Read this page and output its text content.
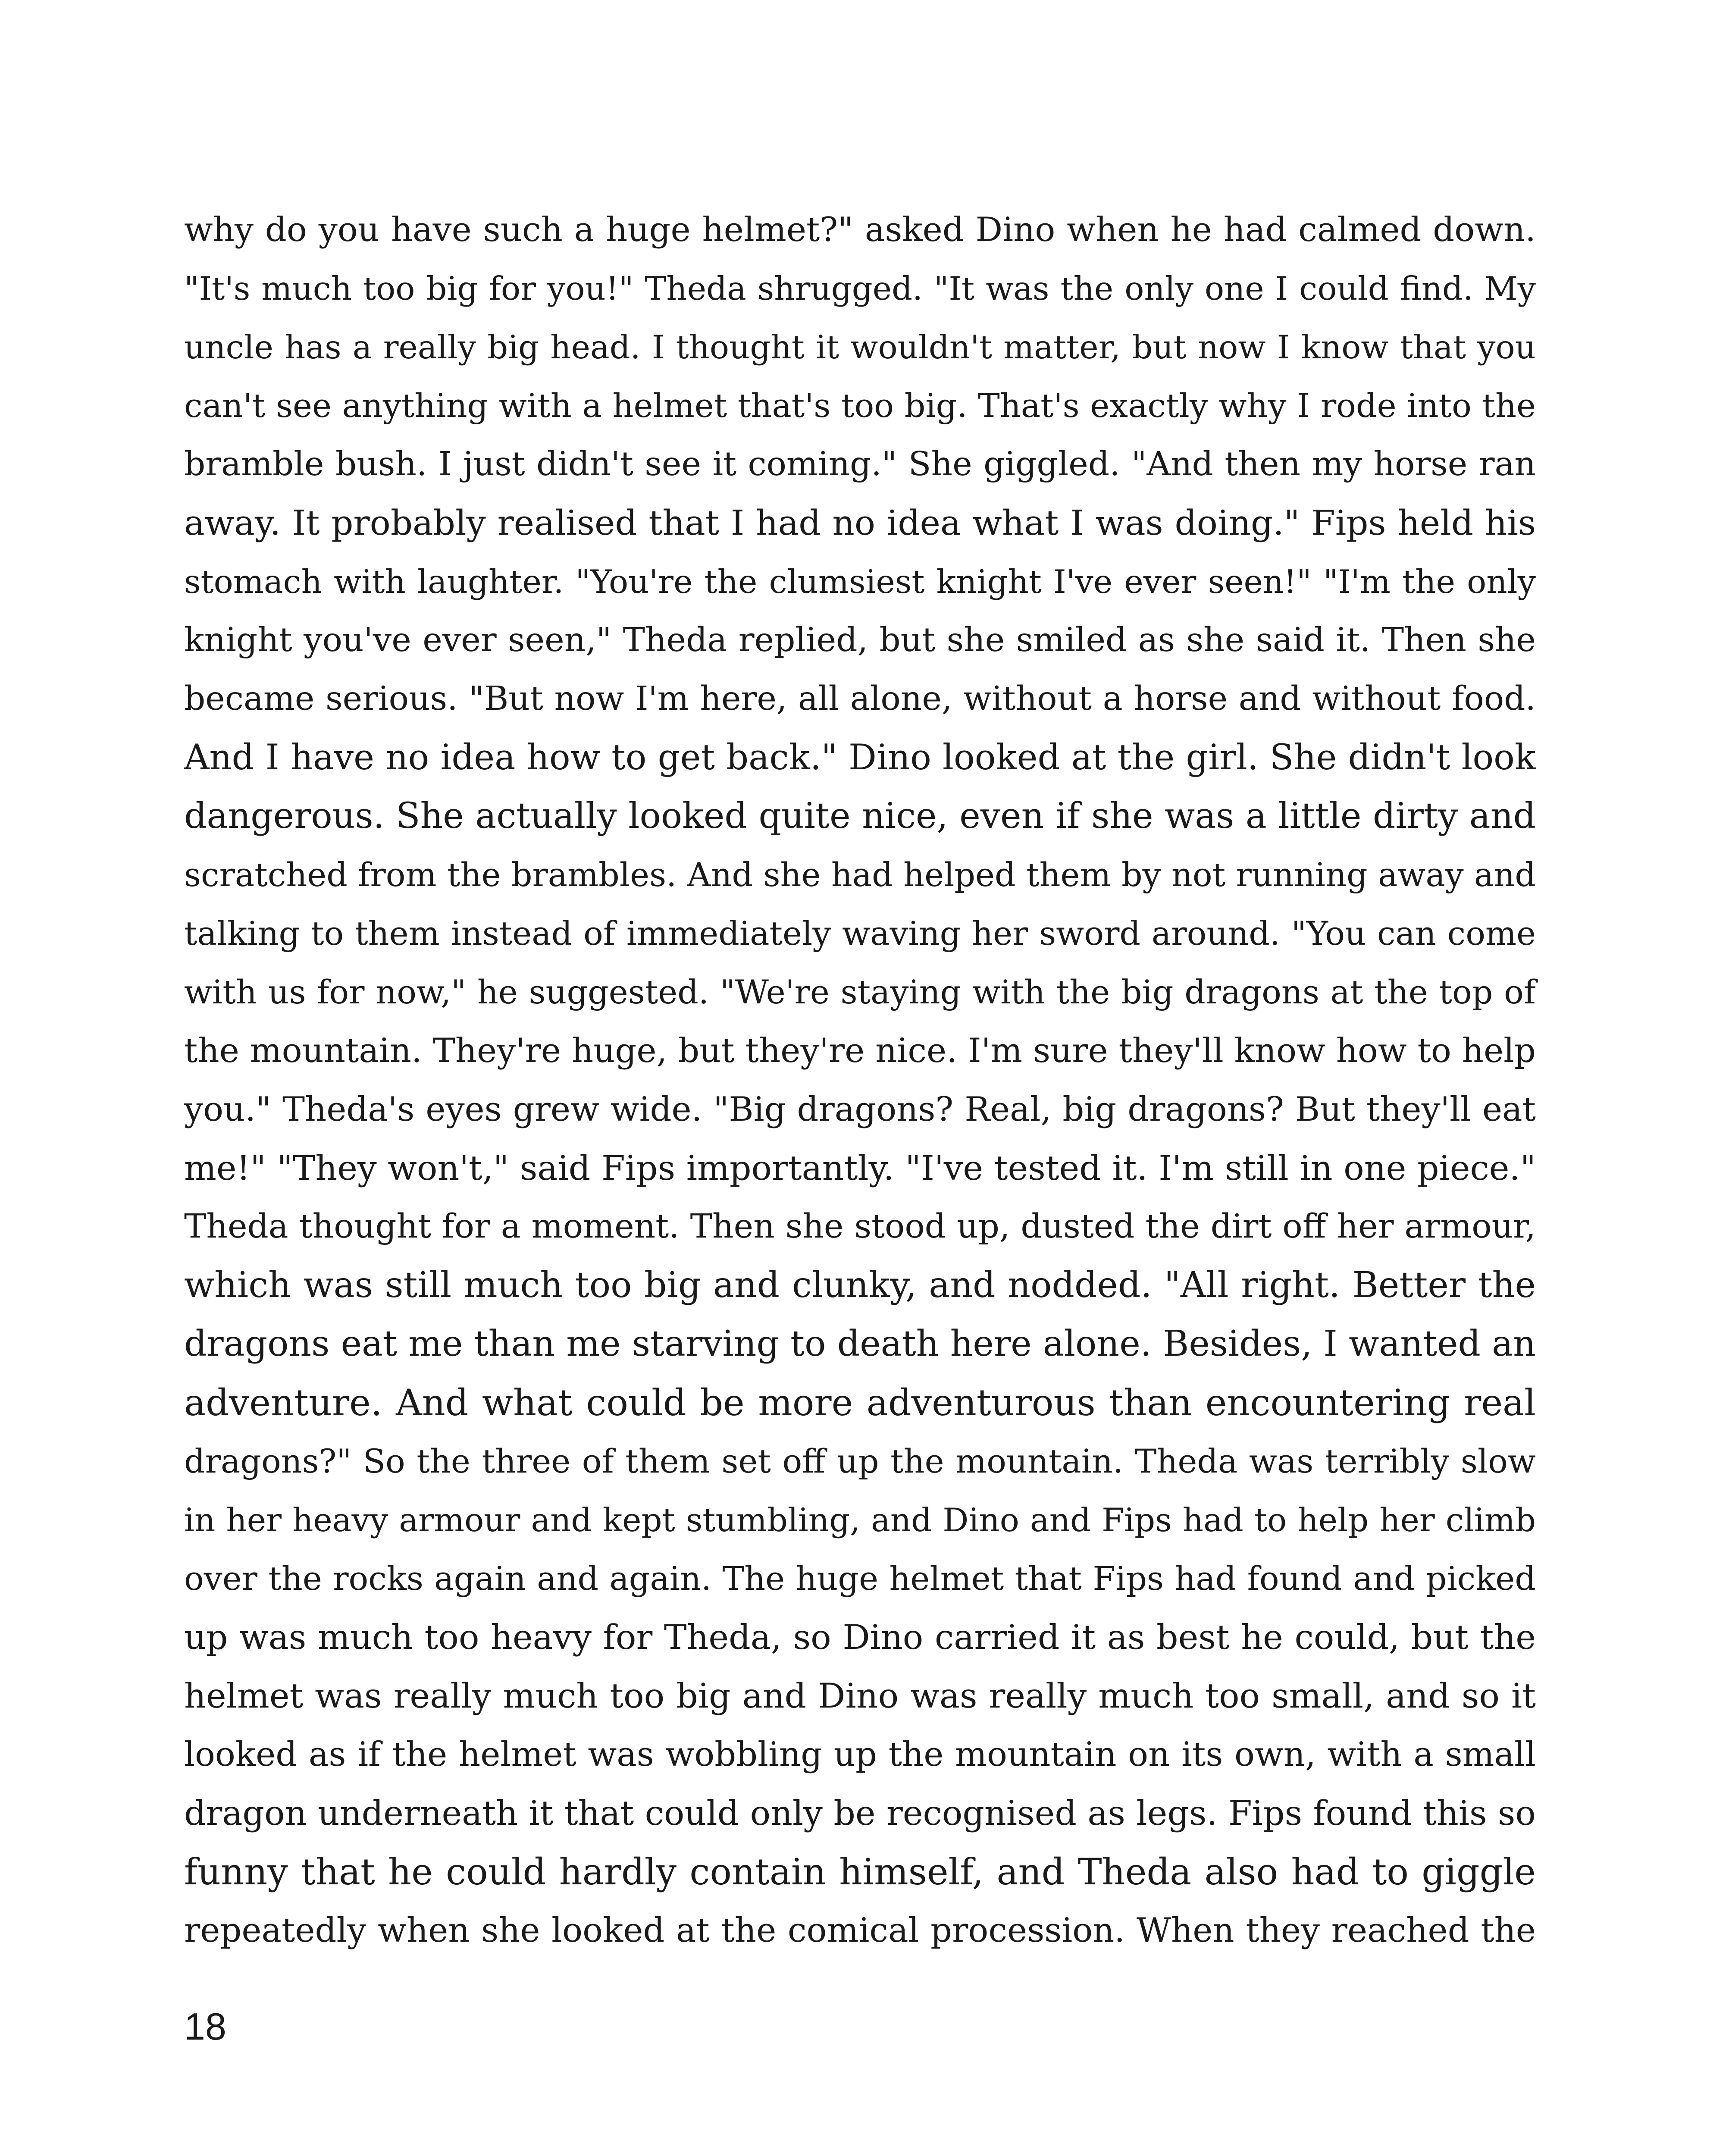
why do you have such a huge helmet?" asked Dino when he had calmed down.
"It's much too big for you!" Theda shrugged. "It was the only one I could find. My
uncle has a really big head. I thought it wouldn't matter, but now I know that you
can't see anything with a helmet that's too big. That's exactly why I rode into the
bramble bush. I just didn't see it coming." She giggled. "And then my horse ran
away. It probably realised that I had no idea what I was doing." Fips held his
stomach with laughter. "You're the clumsiest knight I've ever seen!" "I'm the only
knight you've ever seen," Theda replied, but she smiled as she said it. Then she
became serious. "But now I'm here, all alone, without a horse and without food.
And I have no idea how to get back." Dino looked at the girl. She didn't look
dangerous. She actually looked quite nice, even if she was a little dirty and
scratched from the brambles. And she had helped them by not running away and
talking to them instead of immediately waving her sword around. "You can come
with us for now," he suggested. "We're staying with the big dragons at the top of
the mountain. They're huge, but they're nice. I'm sure they'll know how to help
you." Theda's eyes grew wide. "Big dragons? Real, big dragons? But they'll eat
me!" "They won't," said Fips importantly. "I've tested it. I'm still in one piece."
Theda thought for a moment. Then she stood up, dusted the dirt off her armour,
which was still much too big and clunky, and nodded. "All right. Better the
dragons eat me than me starving to death here alone. Besides, I wanted an
adventure. And what could be more adventurous than encountering real
dragons?" So the three of them set off up the mountain. Theda was terribly slow
in her heavy armour and kept stumbling, and Dino and Fips had to help her climb
over the rocks again and again. The huge helmet that Fips had found and picked
up was much too heavy for Theda, so Dino carried it as best he could, but the
helmet was really much too big and Dino was really much too small, and so it
looked as if the helmet was wobbling up the mountain on its own, with a small
dragon underneath it that could only be recognised as legs. Fips found this so
funny that he could hardly contain himself, and Theda also had to giggle
repeatedly when she looked at the comical procession. When they reached the
18
